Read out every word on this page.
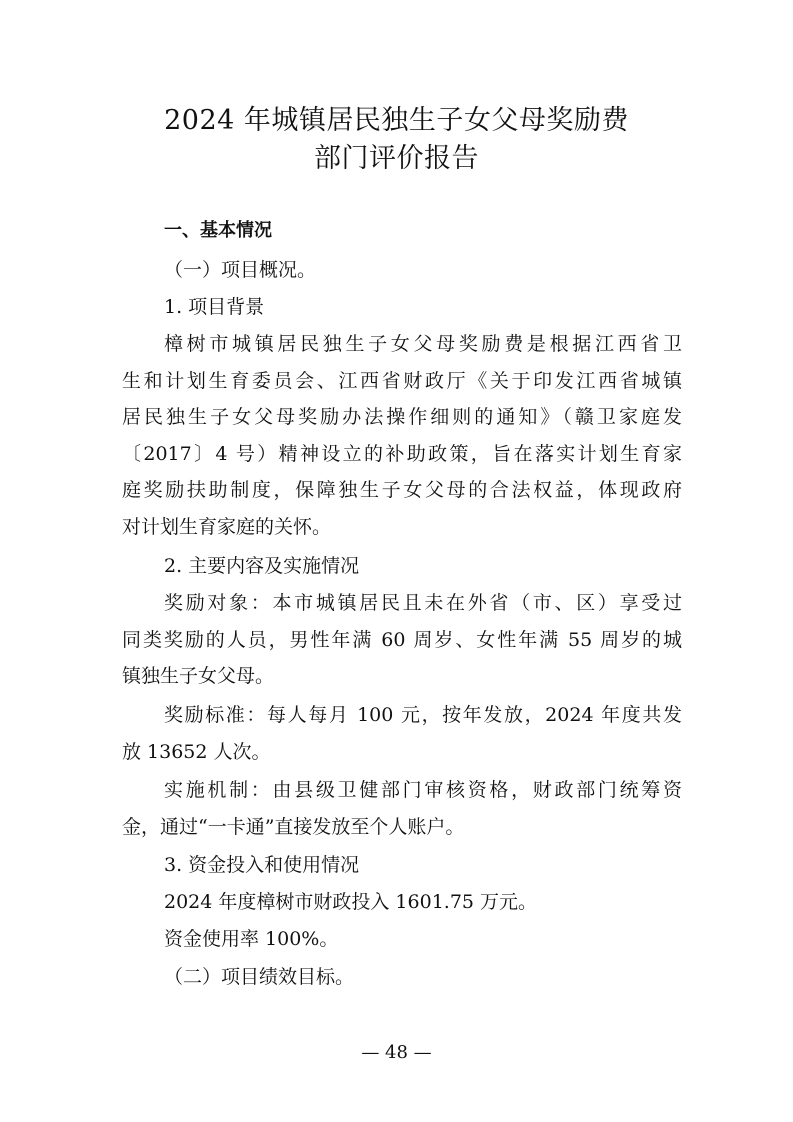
2024 年城镇居民独生子女父母奖励费
部门评价报告

一、基本情况

（一）项目概况。

1. 项目背景

樟树市城镇居民独生子女父母奖励费是根据江西省卫

生和计划生育委员会、江西省财政厅《关于印发江西省城镇

居民独生子女父母奖励办法操作细则的通知》（赣卫家庭发

〔2017〕4 号）精神设立的补助政策，旨在落实计划生育家

庭奖励扶助制度，保障独生子女父母的合法权益，体现政府

对计划生育家庭的关怀。

2. 主要内容及实施情况

奖励对象：本市城镇居民且未在外省（市、区）享受过

同类奖励的人员，男性年满 60 周岁、女性年满 55 周岁的城

镇独生子女父母。

奖励标准：每人每月 100 元，按年发放，2024 年度共发

放 13652 人次。

实施机制：由县级卫健部门审核资格，财政部门统筹资

金，通过“一卡通”直接发放至个人账户。

3. 资金投入和使用情况

2024 年度樟树市财政投入 1601.75 万元。

资金使用率 100%。

（二）项目绩效目标。

— 48 —
